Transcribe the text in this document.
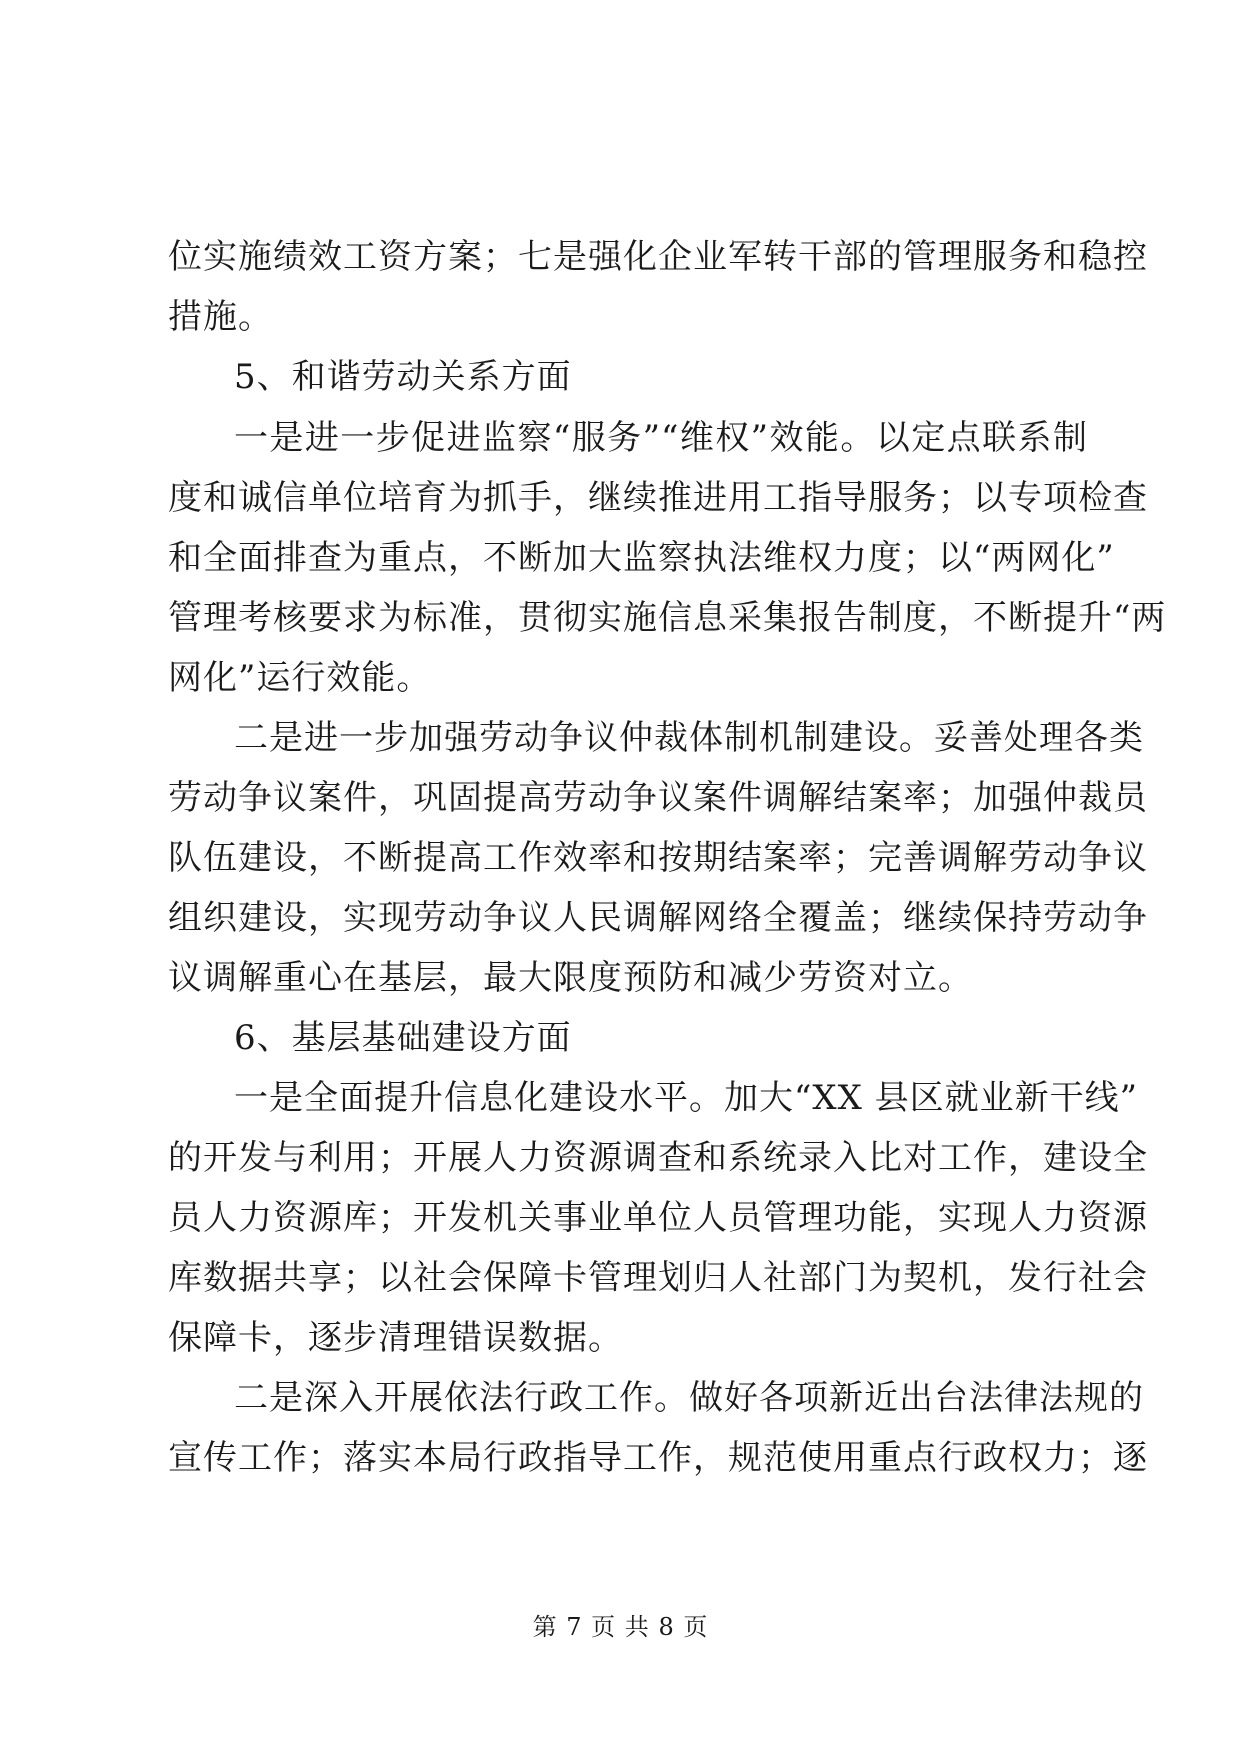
位实施绩效工资方案；七是强化企业军转干部的管理服务和稳控
措施。
5、和谐劳动关系方面
一是进一步促进监察“服务”“维权”效能。以定点联系制
度和诚信单位培育为抓手，继续推进用工指导服务；以专项检查
和全面排查为重点，不断加大监察执法维权力度；以“两网化”
管理考核要求为标准，贯彻实施信息采集报告制度，不断提升“两
网化”运行效能。
二是进一步加强劳动争议仲裁体制机制建设。妥善处理各类
劳动争议案件，巩固提高劳动争议案件调解结案率；加强仲裁员
队伍建设，不断提高工作效率和按期结案率；完善调解劳动争议
组织建设，实现劳动争议人民调解网络全覆盖；继续保持劳动争
议调解重心在基层，最大限度预防和减少劳资对立。
6、基层基础建设方面
一是全面提升信息化建设水平。加大“XX 县区就业新干线”
的开发与利用；开展人力资源调查和系统录入比对工作，建设全
员人力资源库；开发机关事业单位人员管理功能，实现人力资源
库数据共享；以社会保障卡管理划归人社部门为契机，发行社会
保障卡，逐步清理错误数据。
二是深入开展依法行政工作。做好各项新近出台法律法规的
宣传工作；落实本局行政指导工作，规范使用重点行政权力；逐
第 7 页 共 8 页
